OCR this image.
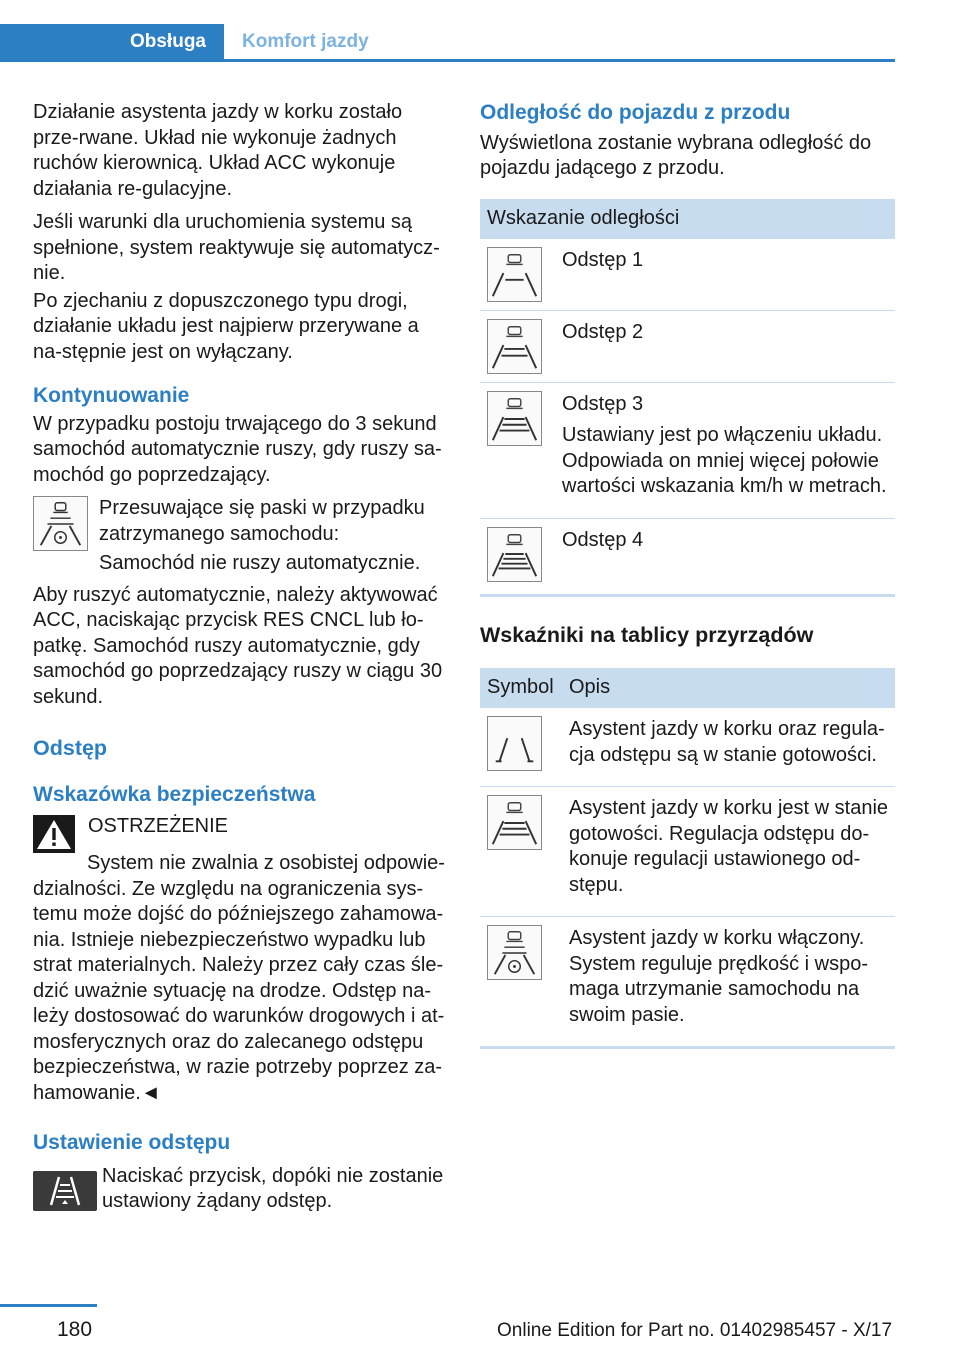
Obsługa	Komfort jazdy

Działanie asystenta jazdy w korku zostało prze-rwane. Układ nie wykonuje żadnych ruchów kierownicą. Układ ACC wykonuje działania re-gulacyjne.

Jeśli warunki dla uruchomienia systemu są spełnione, system reaktywuje się automatycz-nie.

Po zjechaniu z dopuszczonego typu drogi, działanie układu jest najpierw przerywane a na-stępnie jest on wyłączany.

Kontynuowanie

W przypadku postoju trwającego do 3 sekund samochód automatycznie ruszy, gdy ruszy sa-mochód go poprzedzający.

Przesuwające się paski w przypadku zatrzymanego samochodu:

Samochód nie ruszy automatycznie.

Aby ruszyć automatycznie, należy aktywować ACC, naciskając przycisk RES CNCL lub ło-patkę. Samochód ruszy automatycznie, gdy samochód go poprzedzający ruszy w ciągu 30 sekund.

Odstęp
Wskazówka bezpieczeństwa
OSTRZEŻENIE

System nie zwalnia z osobistej odpowie-dzialności. Ze względu na ograniczenia sys-temu może dojść do późniejszego zahamowa-nia. Istnieje niebezpieczeństwo wypadku lub strat materialnych. Należy przez cały czas śle-dzić uważnie sytuację na drodze. Odstęp na-leży dostosować do warunków drogowych i at-mosferycznych oraz do zalecanego odstępu bezpieczeństwa, w razie potrzeby poprzez za-hamowanie.◄

Ustawienie odstępu

Naciskać przycisk, dopóki nie zostanie ustawiony żądany odstęp.

Odległość do pojazdu z przodu

Wyświetlona zostanie wybrana odległość do pojazdu jadącego z przodu.

Wskazanie odległości	

Odstęp 1

Odstęp 2

Odstęp 3

Ustawiany jest po włączeniu układu. Odpowiada on mniej więcej połowie wartości wskazania km/h w metrach.

Odstęp 4

Wskaźniki na tablicy przyrządów
Symbol	Opis

Asystent jazdy w korku oraz regula-cja odstępu są w stanie gotowości.

Asystent jazdy w korku jest w stanie gotowości. Regulacja odstępu do-konuje regulacji ustawionego od-stępu.

Asystent jazdy w korku włączony. System reguluje prędkość i wspo-maga utrzymanie samochodu na swoim pasie.

180	Online Edition for Part no. 01402985457 - X/17
